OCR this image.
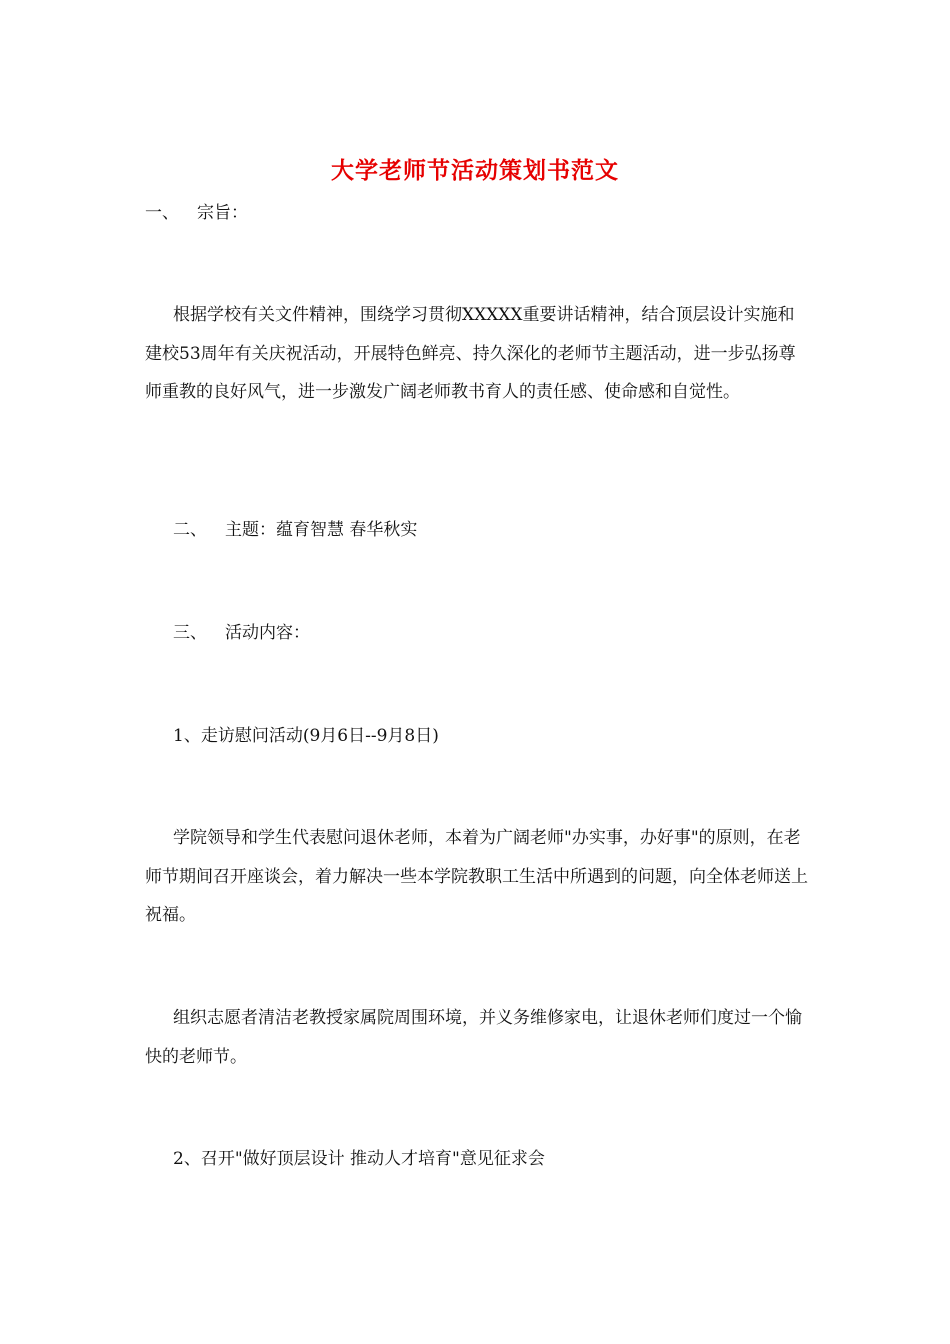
大学老师节活动策划书范文
一、 宗旨：
根据学校有关文件精神，围绕学习贯彻XXXXX重要讲话精神，结合顶层设计实施和建校53周年有关庆祝活动，开展特色鲜亮、持久深化的老师节主题活动，进一步弘扬尊师重教的良好风气，进一步激发广阔老师教书育人的责任感、使命感和自觉性。
二、 主题：蕴育智慧 春华秋实
三、 活动内容：
1、走访慰问活动(9月6日--9月8日)
学院领导和学生代表慰问退休老师，本着为广阔老师"办实事，办好事"的原则，在老师节期间召开座谈会，着力解决一些本学院教职工生活中所遇到的问题，向全体老师送上祝福。
组织志愿者清洁老教授家属院周围环境，并义务维修家电，让退休老师们度过一个愉快的老师节。
2、召开"做好顶层设计 推动人才培育"意见征求会
